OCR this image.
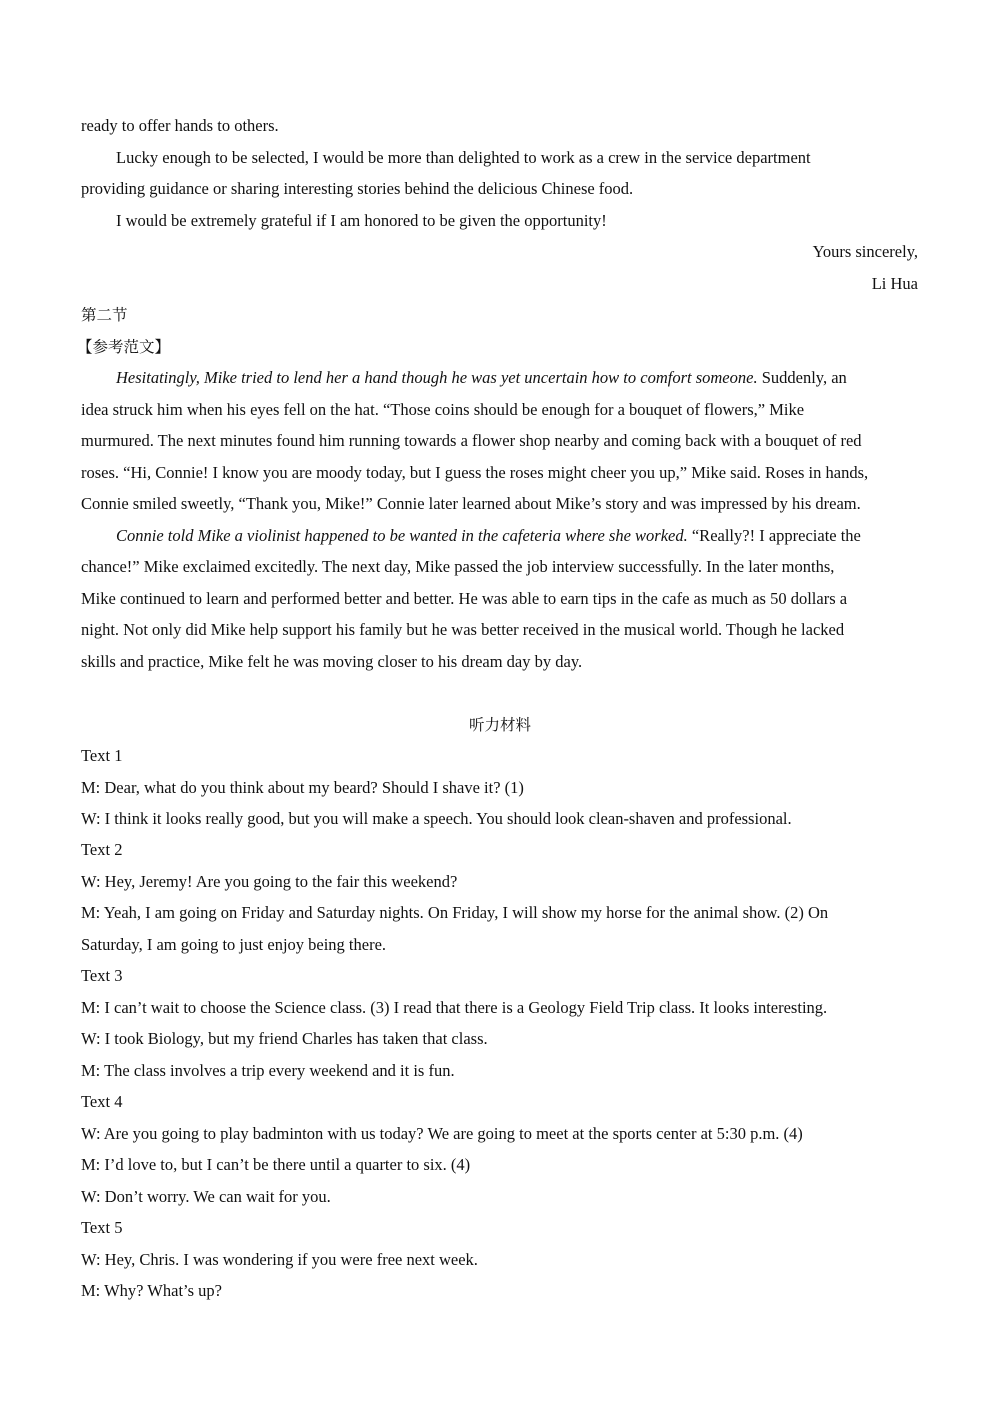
ready to offer hands to others.
Lucky enough to be selected, I would be more than delighted to work as a crew in the service department
providing guidance or sharing interesting stories behind the delicious Chinese food.
I would be extremely grateful if I am honored to be given the opportunity!
Yours sincerely,
Li Hua
第二节
【参考范文】
Hesitatingly, Mike tried to lend her a hand though he was yet uncertain how to comfort someone. Suddenly, an
idea struck him when his eyes fell on the hat. “Those coins should be enough for a bouquet of flowers,” Mike
murmured. The next minutes found him running towards a flower shop nearby and coming back with a bouquet of red
roses. “Hi, Connie! I know you are moody today, but I guess the roses might cheer you up,” Mike said. Roses in hands,
Connie smiled sweetly, “Thank you, Mike!” Connie later learned about Mike’s story and was impressed by his dream.
Connie told Mike a violinist happened to be wanted in the cafeteria where she worked. “Really?! I appreciate the
chance!” Mike exclaimed excitedly. The next day, Mike passed the job interview successfully. In the later months,
Mike continued to learn and performed better and better. He was able to earn tips in the cafe as much as 50 dollars a
night. Not only did Mike help support his family but he was better received in the musical world. Though he lacked
skills and practice, Mike felt he was moving closer to his dream day by day.
听力材料
Text 1
M: Dear, what do you think about my beard? Should I shave it? (1)
W: I think it looks really good, but you will make a speech. You should look clean-shaven and professional.
Text 2
W: Hey, Jeremy! Are you going to the fair this weekend?
M: Yeah, I am going on Friday and Saturday nights. On Friday, I will show my horse for the animal show. (2) On
Saturday, I am going to just enjoy being there.
Text 3
M: I can’t wait to choose the Science class. (3) I read that there is a Geology Field Trip class. It looks interesting.
W: I took Biology, but my friend Charles has taken that class.
M: The class involves a trip every weekend and it is fun.
Text 4
W: Are you going to play badminton with us today? We are going to meet at the sports center at 5:30 p.m. (4)
M: I’d love to, but I can’t be there until a quarter to six. (4)
W: Don’t worry. We can wait for you.
Text 5
W: Hey, Chris. I was wondering if you were free next week.
M: Why? What’s up?
